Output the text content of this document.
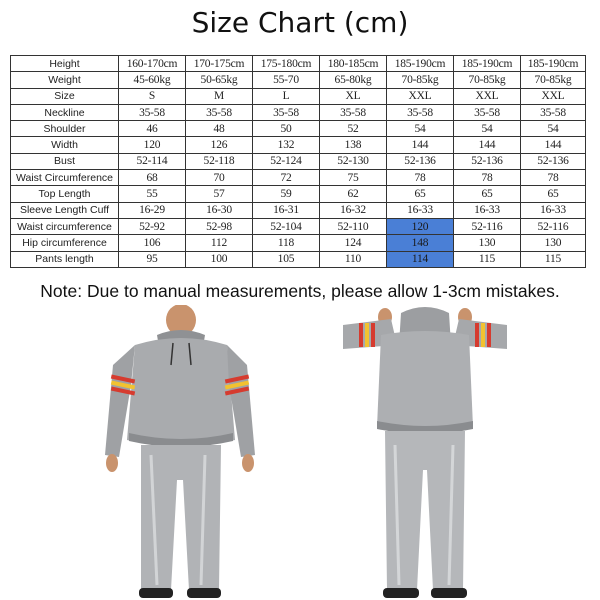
Size Chart (cm)
Height	160-170cm	170-175cm	175-180cm	180-185cm	185-190cm	185-190cm	185-190cm
Weight	45-60kg	50-65kg	55-70	65-80kg	70-85kg	70-85kg	70-85kg
Size	S	M	L	XL	XXL	XXL	XXL
Neckline	35-58	35-58	35-58	35-58	35-58	35-58	35-58
Shoulder	46	48	50	52	54	54	54
Width	120	126	132	138	144	144	144
Bust	52-114	52-118	52-124	52-130	52-136	52-136	52-136
Waist Circumference	68	70	72	75	78	78	78
Top Length	55	57	59	62	65	65	65
Sleeve Length Cuff	16-29	16-30	16-31	16-32	16-33	16-33	16-33
Waist circumference	52-92	52-98	52-104	52-110	120	52-116	52-116
Hip circumference	106	112	118	124	148	130	130
Pants length	95	100	105	110	114	115	115
Note: Due to manual measurements, please allow 1-3cm mistakes.
